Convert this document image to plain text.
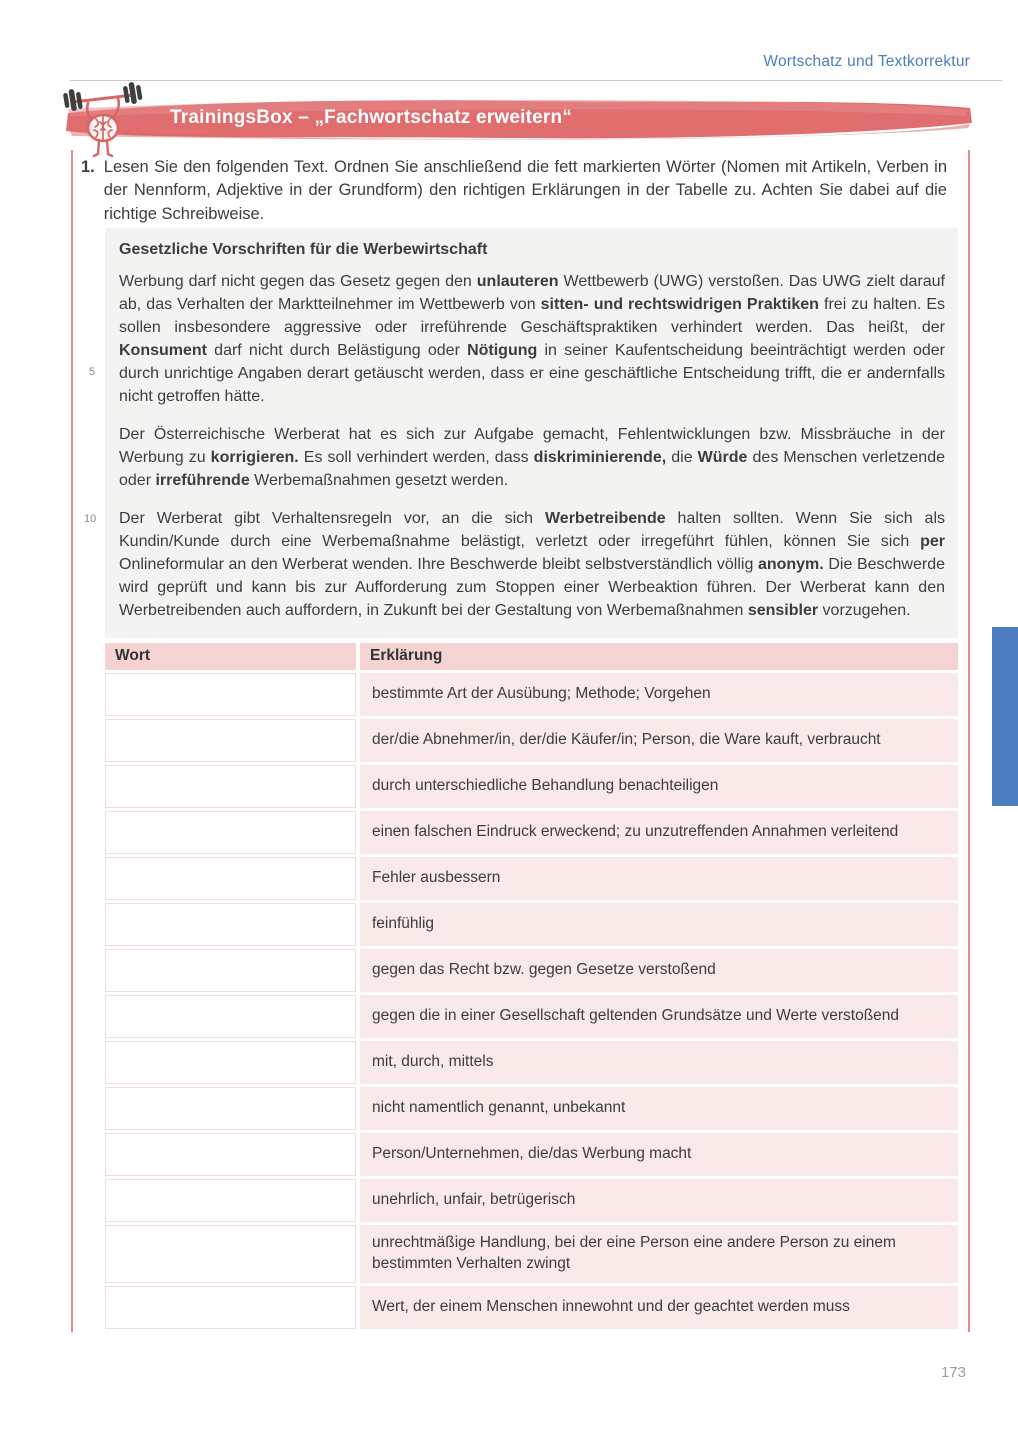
Wortschatz und Textkorrektur
TrainingsBox – „Fachwortschatz erweitern“
1. Lesen Sie den folgenden Text. Ordnen Sie anschließend die fett markierten Wörter (Nomen mit Artikeln, Verben in der Nennform, Adjektive in der Grundform) den richtigen Erklärungen in der Tabelle zu. Achten Sie dabei auf die richtige Schreibweise.

Gesetzliche Vorschriften für die Werbewirtschaft

Werbung darf nicht gegen das Gesetz gegen den unlauteren Wettbewerb (UWG) verstoßen. Das UWG zielt darauf ab, das Verhalten der Marktteilnehmer im Wettbewerb von sitten- und rechtswidrigen Praktiken frei zu halten. Es sollen insbesondere aggressive oder irreführende Geschäftspraktiken verhindert werden. Das heißt, der Konsument darf nicht durch Belästigung oder Nötigung in seiner Kaufentscheidung beeinträchtigt werden oder durch unrichtige Angaben derart getäuscht werden, dass er eine geschäftliche Entscheidung trifft, die er andernfalls nicht getroffen hätte.

Der Österreichische Werberat hat es sich zur Aufgabe gemacht, Fehlentwicklungen bzw. Missbräuche in der Werbung zu korrigieren. Es soll verhindert werden, dass diskriminierende, die Würde des Menschen verletzende oder irreführende Werbemaßnahmen gesetzt werden.

Der Werberat gibt Verhaltensregeln vor, an die sich Werbetreibende halten sollten. Wenn Sie sich als Kundin/Kunde durch eine Werbemaßnahme belästigt, verletzt oder irregeführt fühlen, können Sie sich per Onlineformular an den Werberat wenden. Ihre Beschwerde bleibt selbstverständlich völlig anonym. Die Beschwerde wird geprüft und kann bis zur Aufforderung zum Stoppen einer Werbeaktion führen. Der Werberat kann den Werbetreibenden auch auffordern, in Zukunft bei der Gestaltung von Werbemaßnahmen sensibler vorzugehen.

5
10
Wort	Erklärung
bestimmte Art der Ausübung; Methode; Vorgehen
der/die Abnehmer/in, der/die Käufer/in; Person, die Ware kauft, verbraucht
durch unterschiedliche Behandlung benachteiligen
einen falschen Eindruck erweckend; zu unzutreffenden Annahmen verleitend
Fehler ausbessern
feinfühlig
gegen das Recht bzw. gegen Gesetze verstoßend
gegen die in einer Gesellschaft geltenden Grundsätze und Werte verstoßend
mit, durch, mittels
nicht namentlich genannt, unbekannt
Person/Unternehmen, die/das Werbung macht
unehrlich, unfair, betrügerisch
unrechtmäßige Handlung, bei der eine Person eine andere Person zu einem bestimmten Verhalten zwingt
Wert, der einem Menschen innewohnt und der geachtet werden muss
173
